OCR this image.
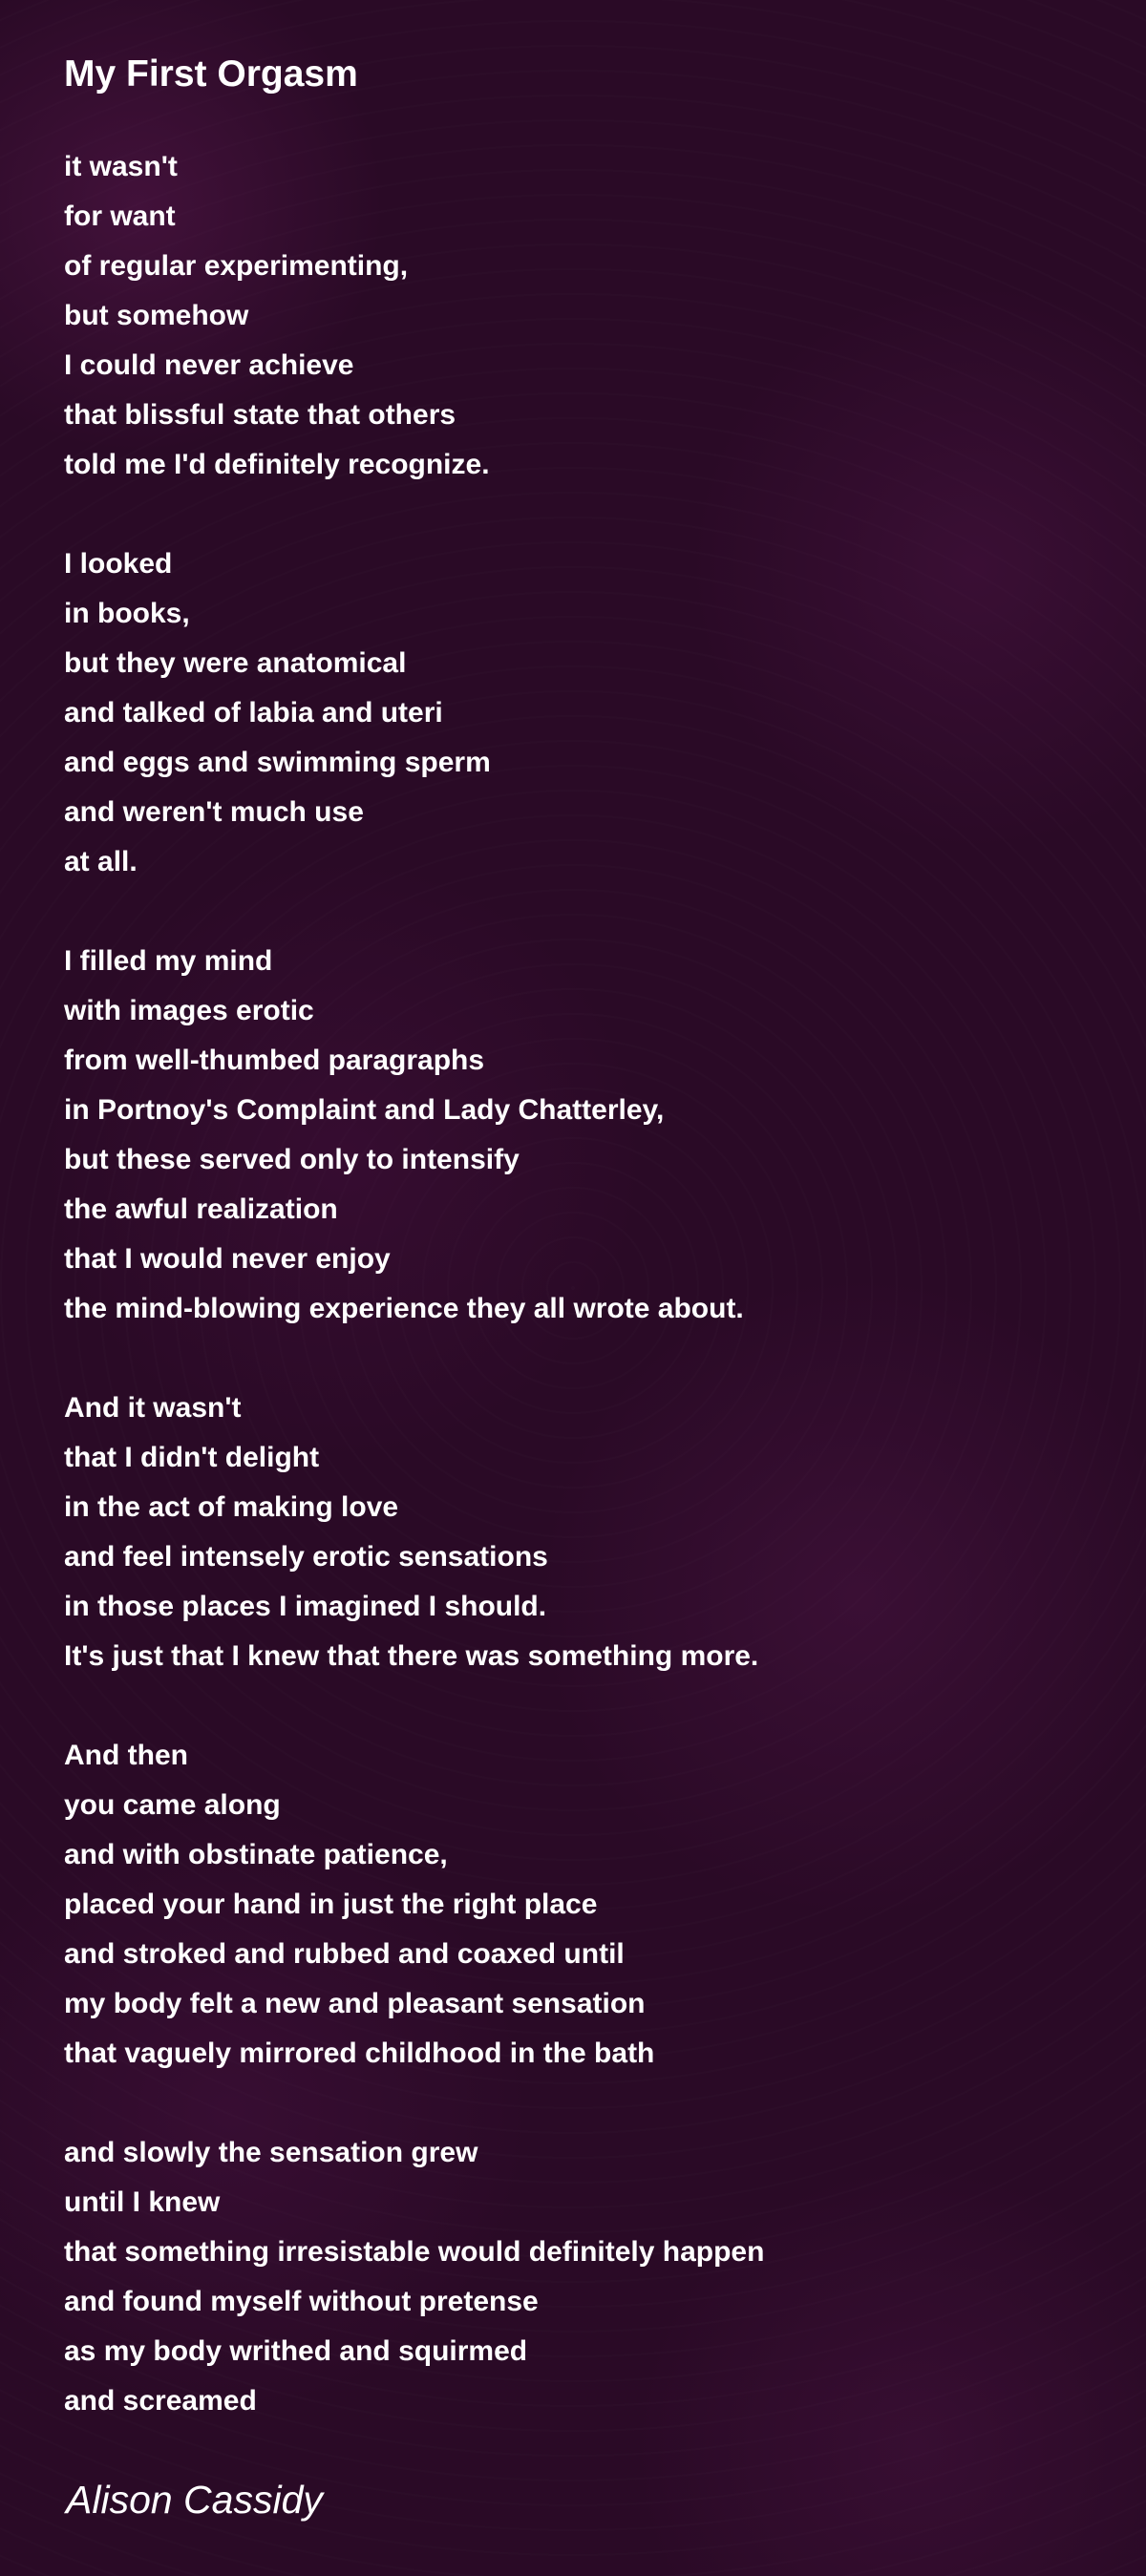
My First Orgasm
it wasn't
for want
of regular experimenting,
but somehow
I could never achieve
that blissful state that others
told me I'd definitely recognize.
I looked
in books,
but they were anatomical
and talked of labia and uteri
and eggs and swimming sperm
and weren't much use
at all.
I filled my mind
with images erotic
from well-thumbed paragraphs
in Portnoy's Complaint and Lady Chatterley,
but these served only to intensify
the awful realization
that I would never enjoy
the mind-blowing experience they all wrote about.
And it wasn't
that I didn't delight
in the act of making love
and feel intensely erotic sensations
in those places I imagined I should.
It's just that I knew that there was something more.
And then
you came along
and with obstinate patience,
placed your hand in just the right place
and stroked and rubbed and coaxed until
my body felt a new and pleasant sensation
that vaguely mirrored childhood in the bath
and slowly the sensation grew
until I knew
that something irresistable would definitely happen
and found myself without pretense
as my body writhed and squirmed
and screamed

Alison Cassidy
